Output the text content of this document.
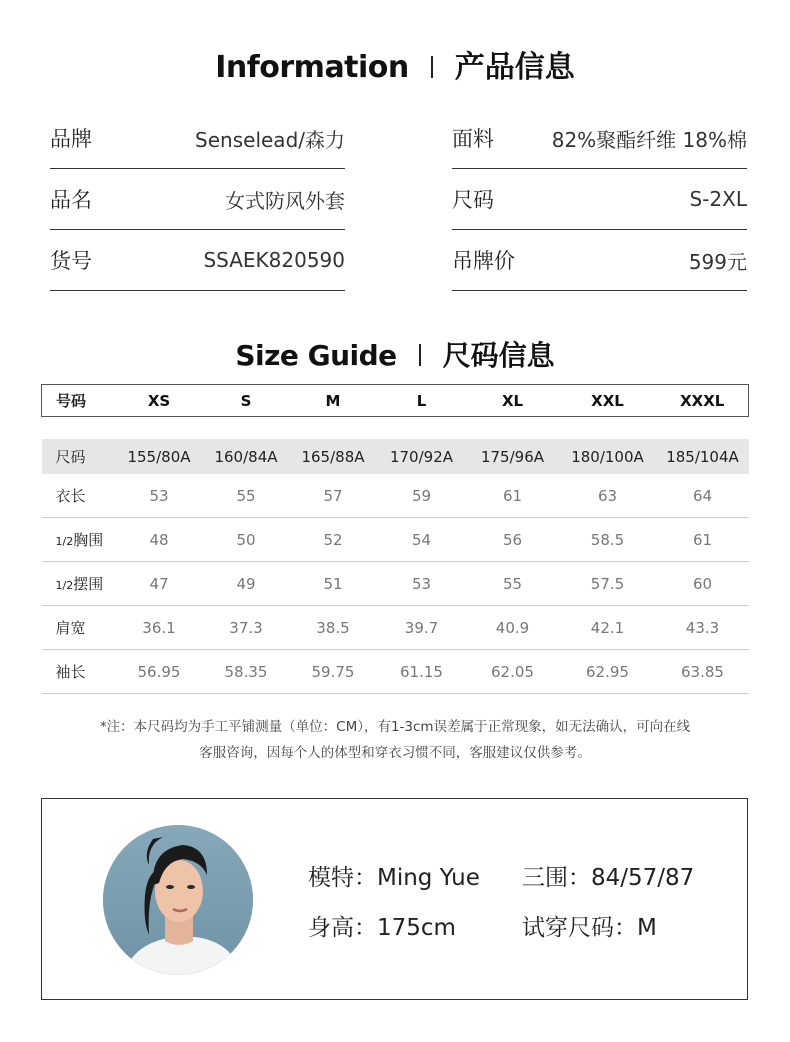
Information 产品信息
品牌	Senselead/森力
品名	女式防风外套
货号	SSAEK820590
面料	82%聚酯纤维 18%棉
尺码	S-2XL
吊牌价	599元
Size Guide 尺码信息
号码	XS	S	M	L	XL	XXL	XXXL

尺码	155/80A	160/84A	165/88A	170/92A	175/96A	180/100A	185/104A
衣长	53	55	57	59	61	63	64
1/2胸围	48	50	52	54	56	58.5	61
1/2摆围	47	49	51	53	55	57.5	60
肩宽	36.1	37.3	38.5	39.7	40.9	42.1	43.3
袖长	56.95	58.35	59.75	61.15	62.05	62.95	63.85
*注：本尺码均为手工平铺测量（单位：CM），有1-3cm误差属于正常现象，如无法确认，可向在线
客服咨询，因每个人的体型和穿衣习惯不同，客服建议仅供参考。
模特：Ming Yue 三围：84/57/87
身高：175cm	试穿尺码：M
